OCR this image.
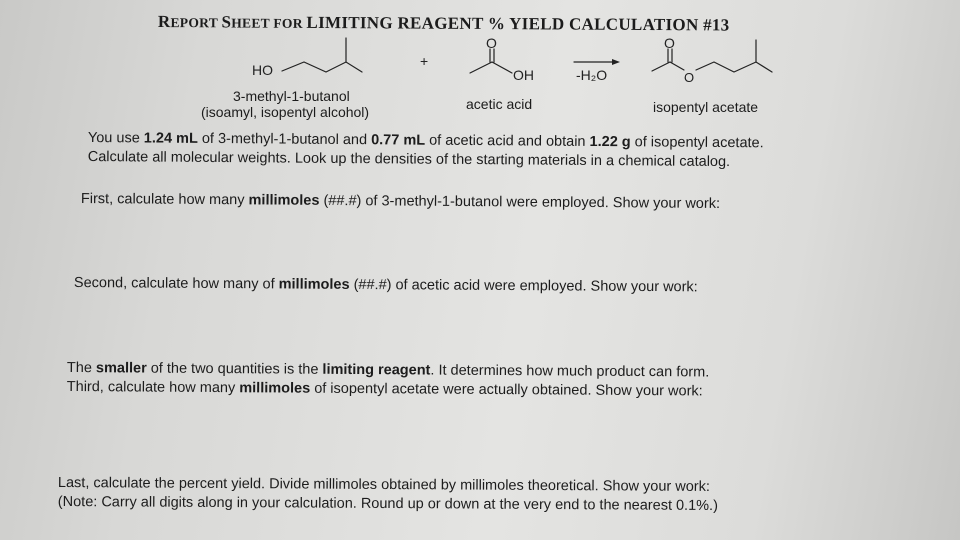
REPORT SHEET FOR LIMITING REAGENT % YIELD CALCULATION #13
HO
+
O
OH	-H₂O
O
O
3-methyl-1-butanol
(isoamyl, isopentyl alcohol)
acetic acid	isopentyl acetate
You use 1.24 mL of 3-methyl-1-butanol and 0.77 mL of acetic acid and obtain 1.22 g of isopentyl acetate.
Calculate all molecular weights. Look up the densities of the starting materials in a chemical catalog.
First, calculate how many millimoles (##.#) of 3-methyl-1-butanol were employed. Show your work:
Second, calculate how many of millimoles (##.#) of acetic acid were employed. Show your work:
The smaller of the two quantities is the limiting reagent. It determines how much product can form.
Third, calculate how many millimoles of isopentyl acetate were actually obtained. Show your work:
Last, calculate the percent yield. Divide millimoles obtained by millimoles theoretical. Show your work:
(Note: Carry all digits along in your calculation. Round up or down at the very end to the nearest 0.1%.)
